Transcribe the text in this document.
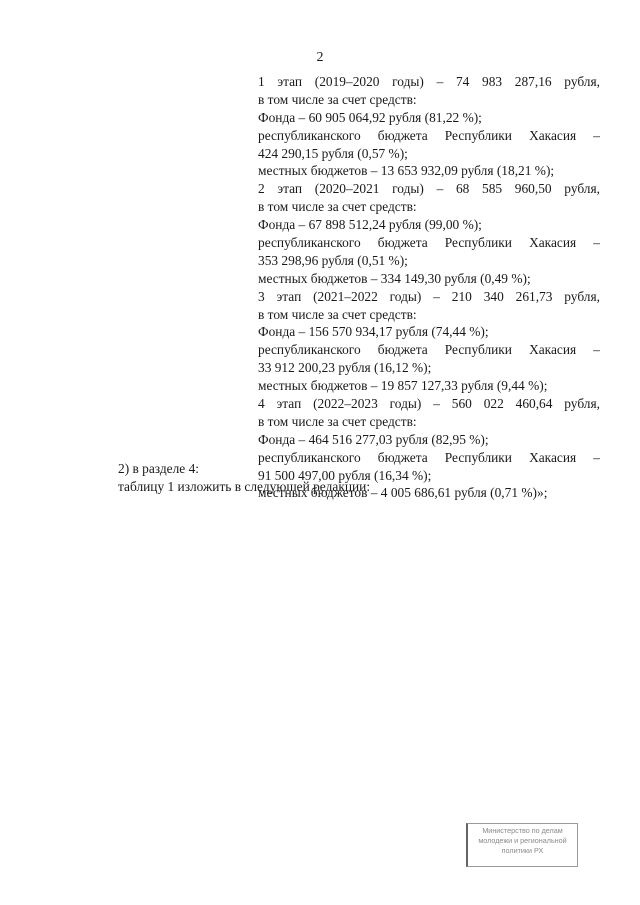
2
1 этап (2019–2020 годы) – 74 983 287,16 рубля,
в том числе за счет средств:
Фонда – 60 905 064,92 рубля (81,22 %);
республиканского бюджета Республики Хакасия –
424 290,15 рубля (0,57 %);
местных бюджетов – 13 653 932,09 рубля (18,21 %);
2 этап (2020–2021 годы) – 68 585 960,50 рубля,
в том числе за счет средств:
Фонда – 67 898 512,24 рубля (99,00 %);
республиканского бюджета Республики Хакасия –
353 298,96 рубля (0,51 %);
местных бюджетов – 334 149,30 рубля (0,49 %);
3 этап (2021–2022 годы) – 210 340 261,73 рубля,
в том числе за счет средств:
Фонда – 156 570 934,17 рубля (74,44 %);
республиканского бюджета Республики Хакасия –
33 912 200,23 рубля (16,12 %);
местных бюджетов – 19 857 127,33 рубля (9,44 %);
4 этап (2022–2023 годы) – 560 022 460,64 рубля,
в том числе за счет средств:
Фонда – 464 516 277,03 рубля (82,95 %);
республиканского бюджета Республики Хакасия –
91 500 497,00 рубля (16,34 %);
местных бюджетов – 4 005 686,61 рубля (0,71 %)»;
2) в разделе 4:
таблицу 1 изложить в следующей редакции:
Министерство по делам
молодежи и региональной
политики РХ
